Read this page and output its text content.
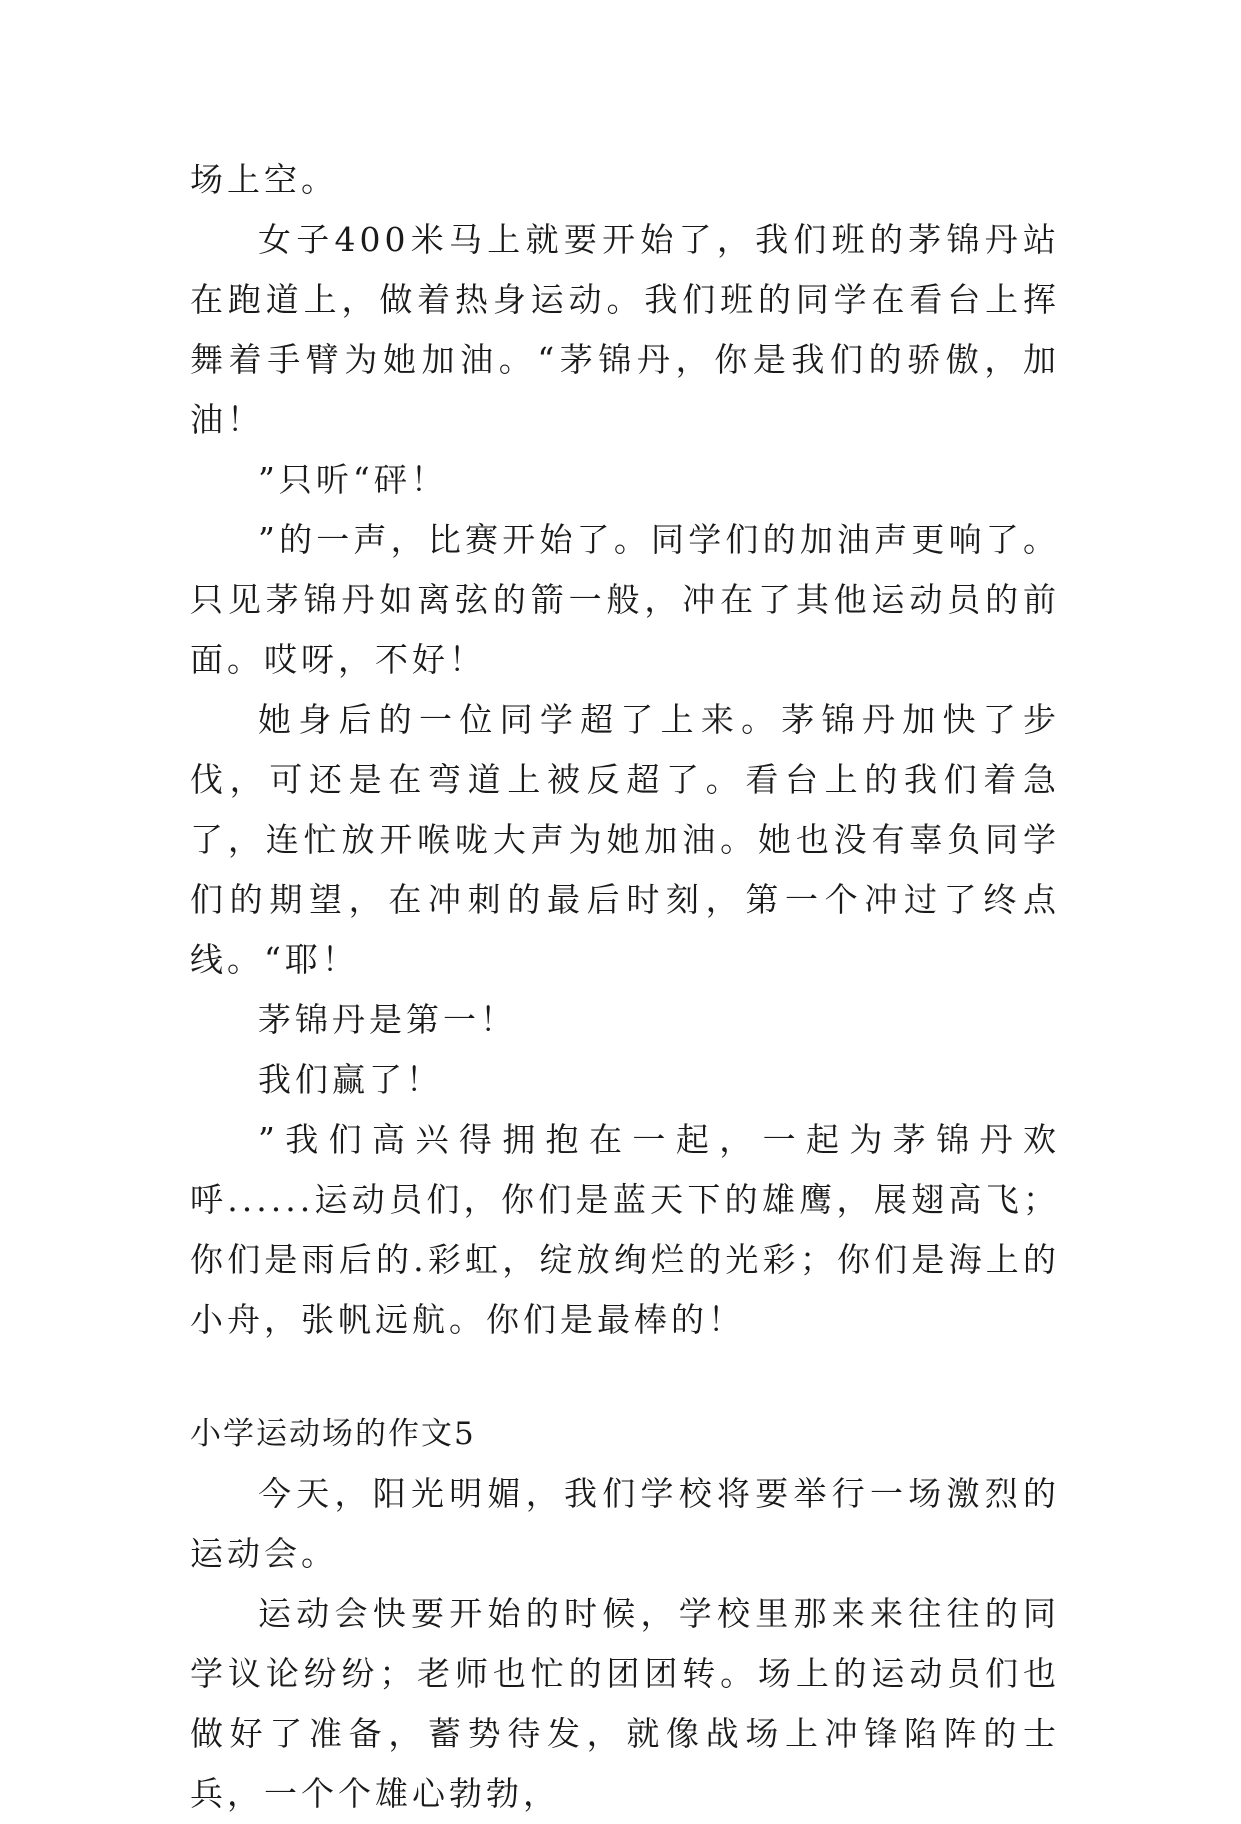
场上空。

女子400米马上就要开始了，我们班的茅锦丹站在跑道上，做着热身运动。我们班的同学在看台上挥舞着手臂为她加油。“茅锦丹，你是我们的骄傲，加油！

”只听“砰！

”的一声，比赛开始了。同学们的加油声更响了。只见茅锦丹如离弦的箭一般，冲在了其他运动员的前面。哎呀，不好！

她身后的一位同学超了上来。茅锦丹加快了步伐，可还是在弯道上被反超了。看台上的我们着急了，连忙放开喉咙大声为她加油。她也没有辜负同学们的期望，在冲刺的最后时刻，第一个冲过了终点线。“耶！

茅锦丹是第一！

我们赢了！

”我们高兴得拥抱在一起，一起为茅锦丹欢呼......运动员们，你们是蓝天下的雄鹰，展翅高飞；你们是雨后的.彩虹，绽放绚烂的光彩；你们是海上的小舟，张帆远航。你们是最棒的！

小学运动场的作文5

今天，阳光明媚，我们学校将要举行一场激烈的运动会。

运动会快要开始的时候，学校里那来来往往的同学议论纷纷；老师也忙的团团转。场上的运动员们也做好了准备，蓄势待发，就像战场上冲锋陷阵的士兵，一个个雄心勃勃，
